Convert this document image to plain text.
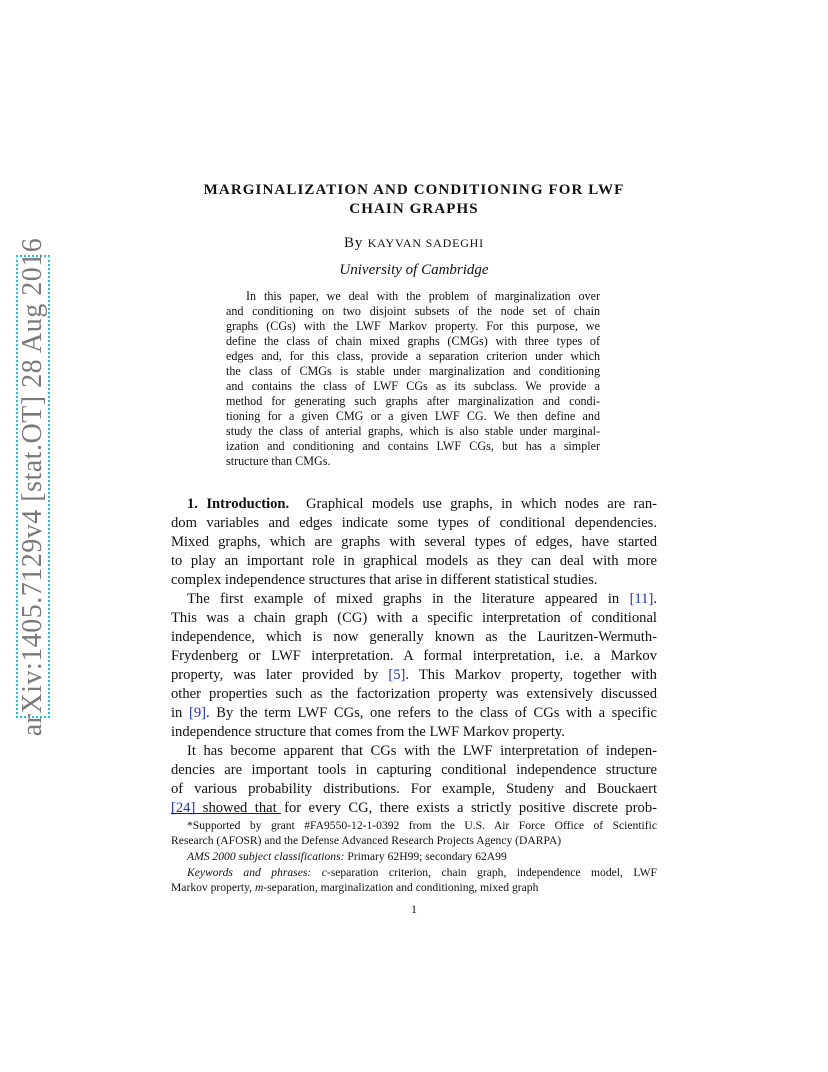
arXiv:1405.7129v4 [stat.OT] 28 Aug 2016
MARGINALIZATION AND CONDITIONING FOR LWF
CHAIN GRAPHS
By KAYVAN SADEGHI
University of Cambridge
In this paper, we deal with the problem of marginalization over
and conditioning on two disjoint subsets of the node set of chain
graphs (CGs) with the LWF Markov property. For this purpose, we
define the class of chain mixed graphs (CMGs) with three types of
edges and, for this class, provide a separation criterion under which
the class of CMGs is stable under marginalization and conditioning
and contains the class of LWF CGs as its subclass. We provide a
method for generating such graphs after marginalization and condi-
tioning for a given CMG or a given LWF CG. We then define and
study the class of anterial graphs, which is also stable under marginal-
ization and conditioning and contains LWF CGs, but has a simpler
structure than CMGs.
1. Introduction. Graphical models use graphs, in which nodes are ran-
dom variables and edges indicate some types of conditional dependencies.
Mixed graphs, which are graphs with several types of edges, have started
to play an important role in graphical models as they can deal with more
complex independence structures that arise in different statistical studies.
The first example of mixed graphs in the literature appeared in [11].
This was a chain graph (CG) with a specific interpretation of conditional
independence, which is now generally known as the Lauritzen-Wermuth-
Frydenberg or LWF interpretation. A formal interpretation, i.e. a Markov
property, was later provided by [5]. This Markov property, together with
other properties such as the factorization property was extensively discussed
in [9]. By the term LWF CGs, one refers to the class of CGs with a specific
independence structure that comes from the LWF Markov property.
It has become apparent that CGs with the LWF interpretation of indepen-
dencies are important tools in capturing conditional independence structure
of various probability distributions. For example, Studeny and Bouckaert
[24] showed that for every CG, there exists a strictly positive discrete prob-
*Supported by grant #FA9550-12-1-0392 from the U.S. Air Force Office of Scientific
Research (AFOSR) and the Defense Advanced Research Projects Agency (DARPA)
AMS 2000 subject classifications: Primary 62H99; secondary 62A99
Keywords and phrases: c-separation criterion, chain graph, independence model, LWF
Markov property, m-separation, marginalization and conditioning, mixed graph
1
